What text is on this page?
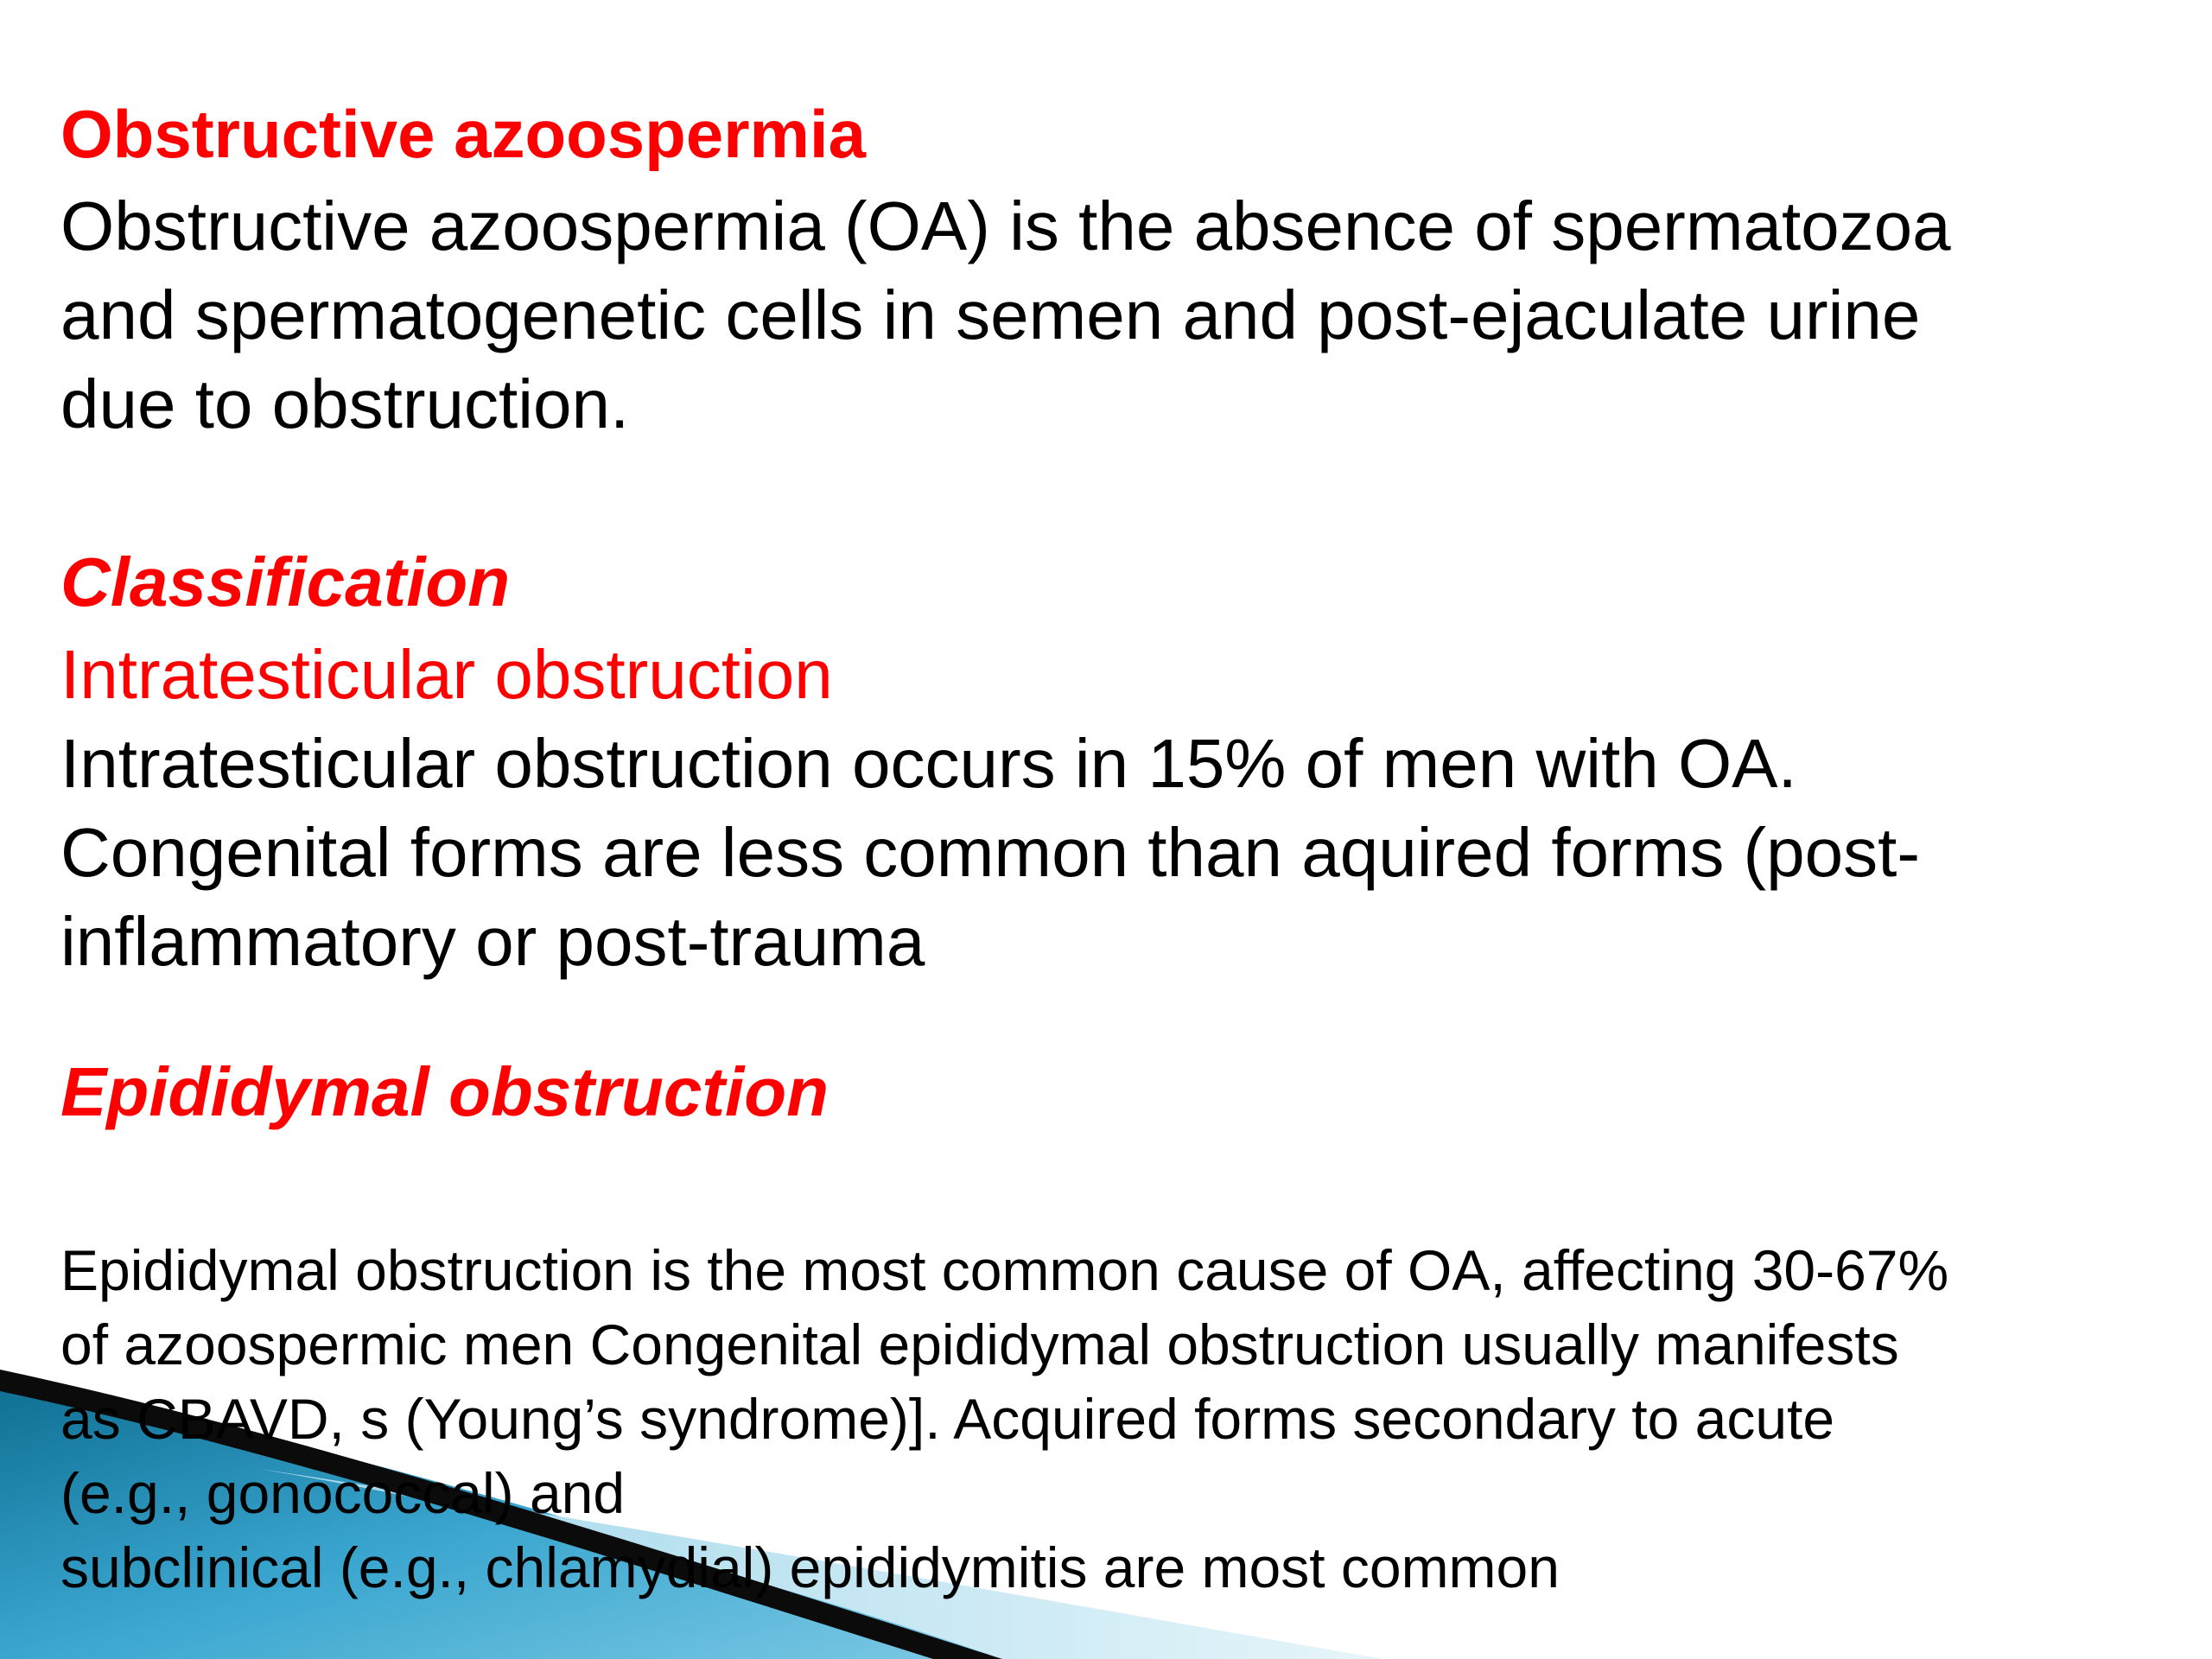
Obstructive azoospermia

Obstructive azoospermia (OA) is the absence of spermatozoa

and spermatogenetic cells in semen and post-ejaculate urine

due to obstruction.

Classification

Intratesticular obstruction

Intratesticular obstruction occurs in 15% of men with OA.

Congenital forms are less common than aquired forms (post-

inflammatory or post-trauma

Epididymal obstruction

Epididymal obstruction is the most common cause of OA, affecting 30-67%

of azoospermic men Congenital epididymal obstruction usually manifests

as CBAVD, s (Young’s syndrome)]. Acquired forms secondary to acute

(e.g., gonococcal) and

subclinical (e.g., chlamydial) epididymitis are most common
